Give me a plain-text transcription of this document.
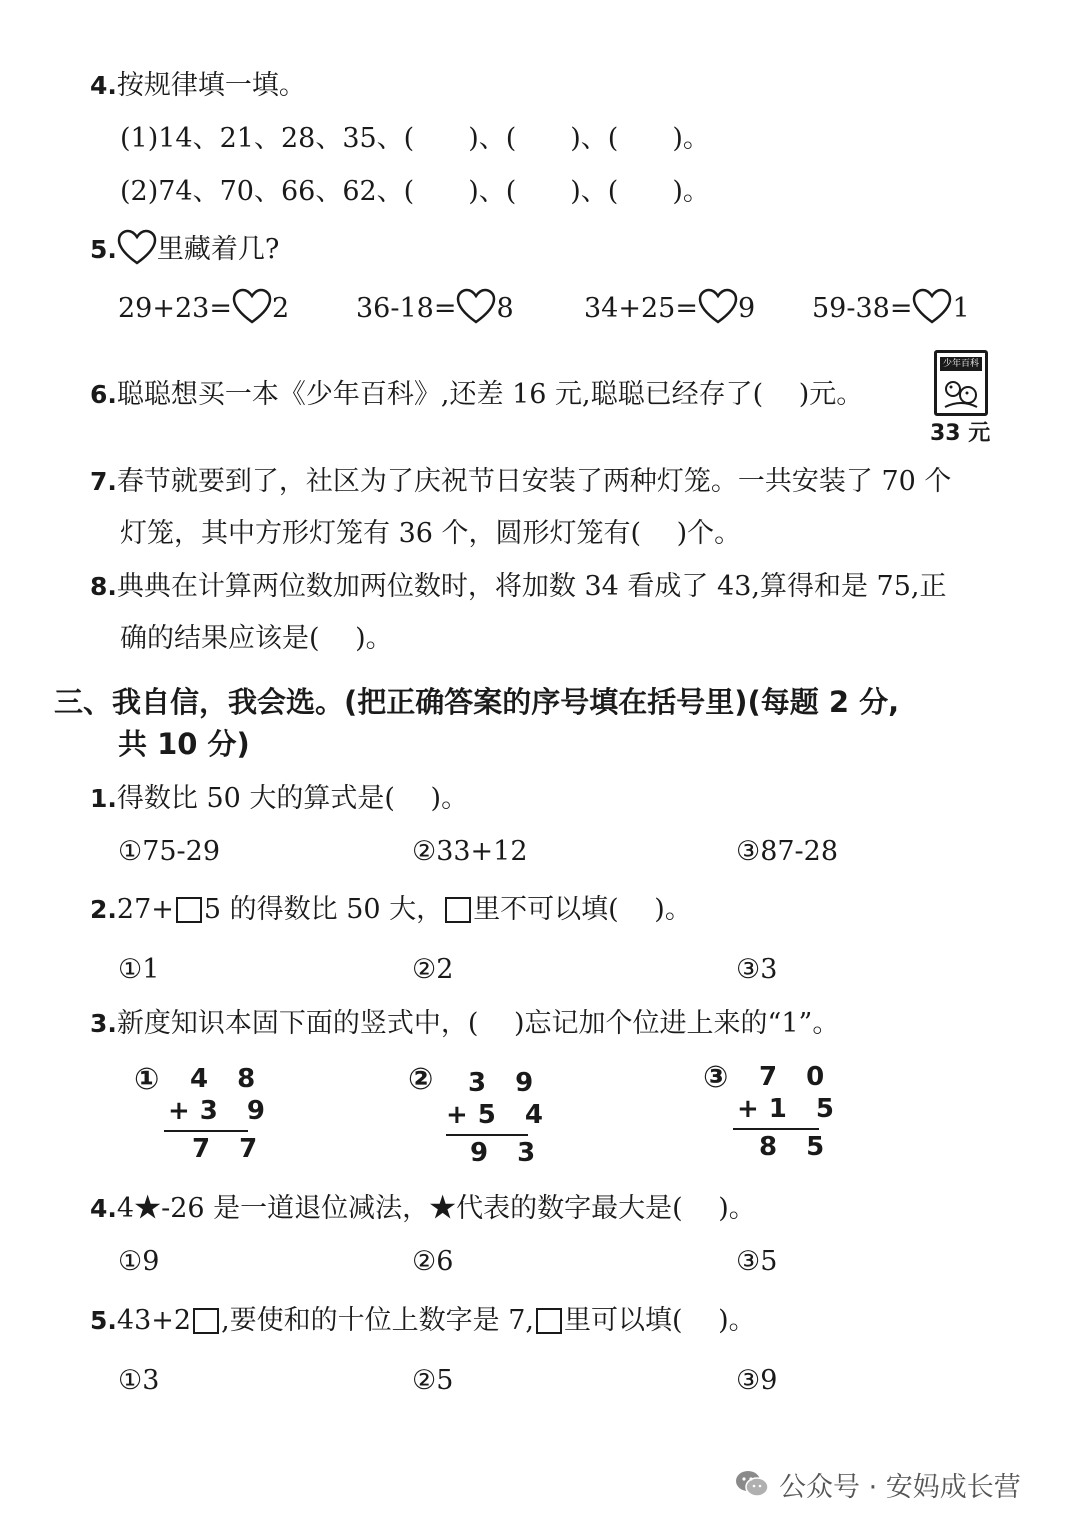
4.按规律填一填。
(1)14、21、28、35、(　　)、(　　)、(　　)。
(2)74、70、66、62、(　　)、(　　)、(　　)。
5. 里藏着几?
29+23= 2 36-18= 8	34+25= 9 59-38= 1
6.聪聪想买一本《少年百科》,还差 16 元,聪聪已经存了(　 )元。
少年百科
33 元
7.春节就要到了，社区为了庆祝节日安装了两种灯笼。一共安装了 70 个
灯笼，其中方形灯笼有 36 个，圆形灯笼有(　 )个。
8.典典在计算两位数加两位数时，将加数 34 看成了 43,算得和是 75,正
确的结果应该是(　 )。
三、我自信，我会选。(把正确答案的序号填在括号里)(每题 2 分,
共 10 分)
1.得数比 50 大的算式是(　 )。
①75-29	②33+12	③87-28
2.27+ 5 的得数比 50 大， 里不可以填(　 )。
①1	②2	③3
3.新度知识本固下面的竖式中，(　 )忘记加个位进上来的“1”。
① 4 8
+3 9
7 7
② 3 9
+5 4
9 3
③ 7 0
+1 5
8 5
4.4★-26 是一道退位减法，★代表的数字最大是(　 )。
①9	②6	③5
5.43+2 ,要使和的十位上数字是 7, 里可以填(　 )。
①3	②5	③9
公众号 · 安妈成长营
